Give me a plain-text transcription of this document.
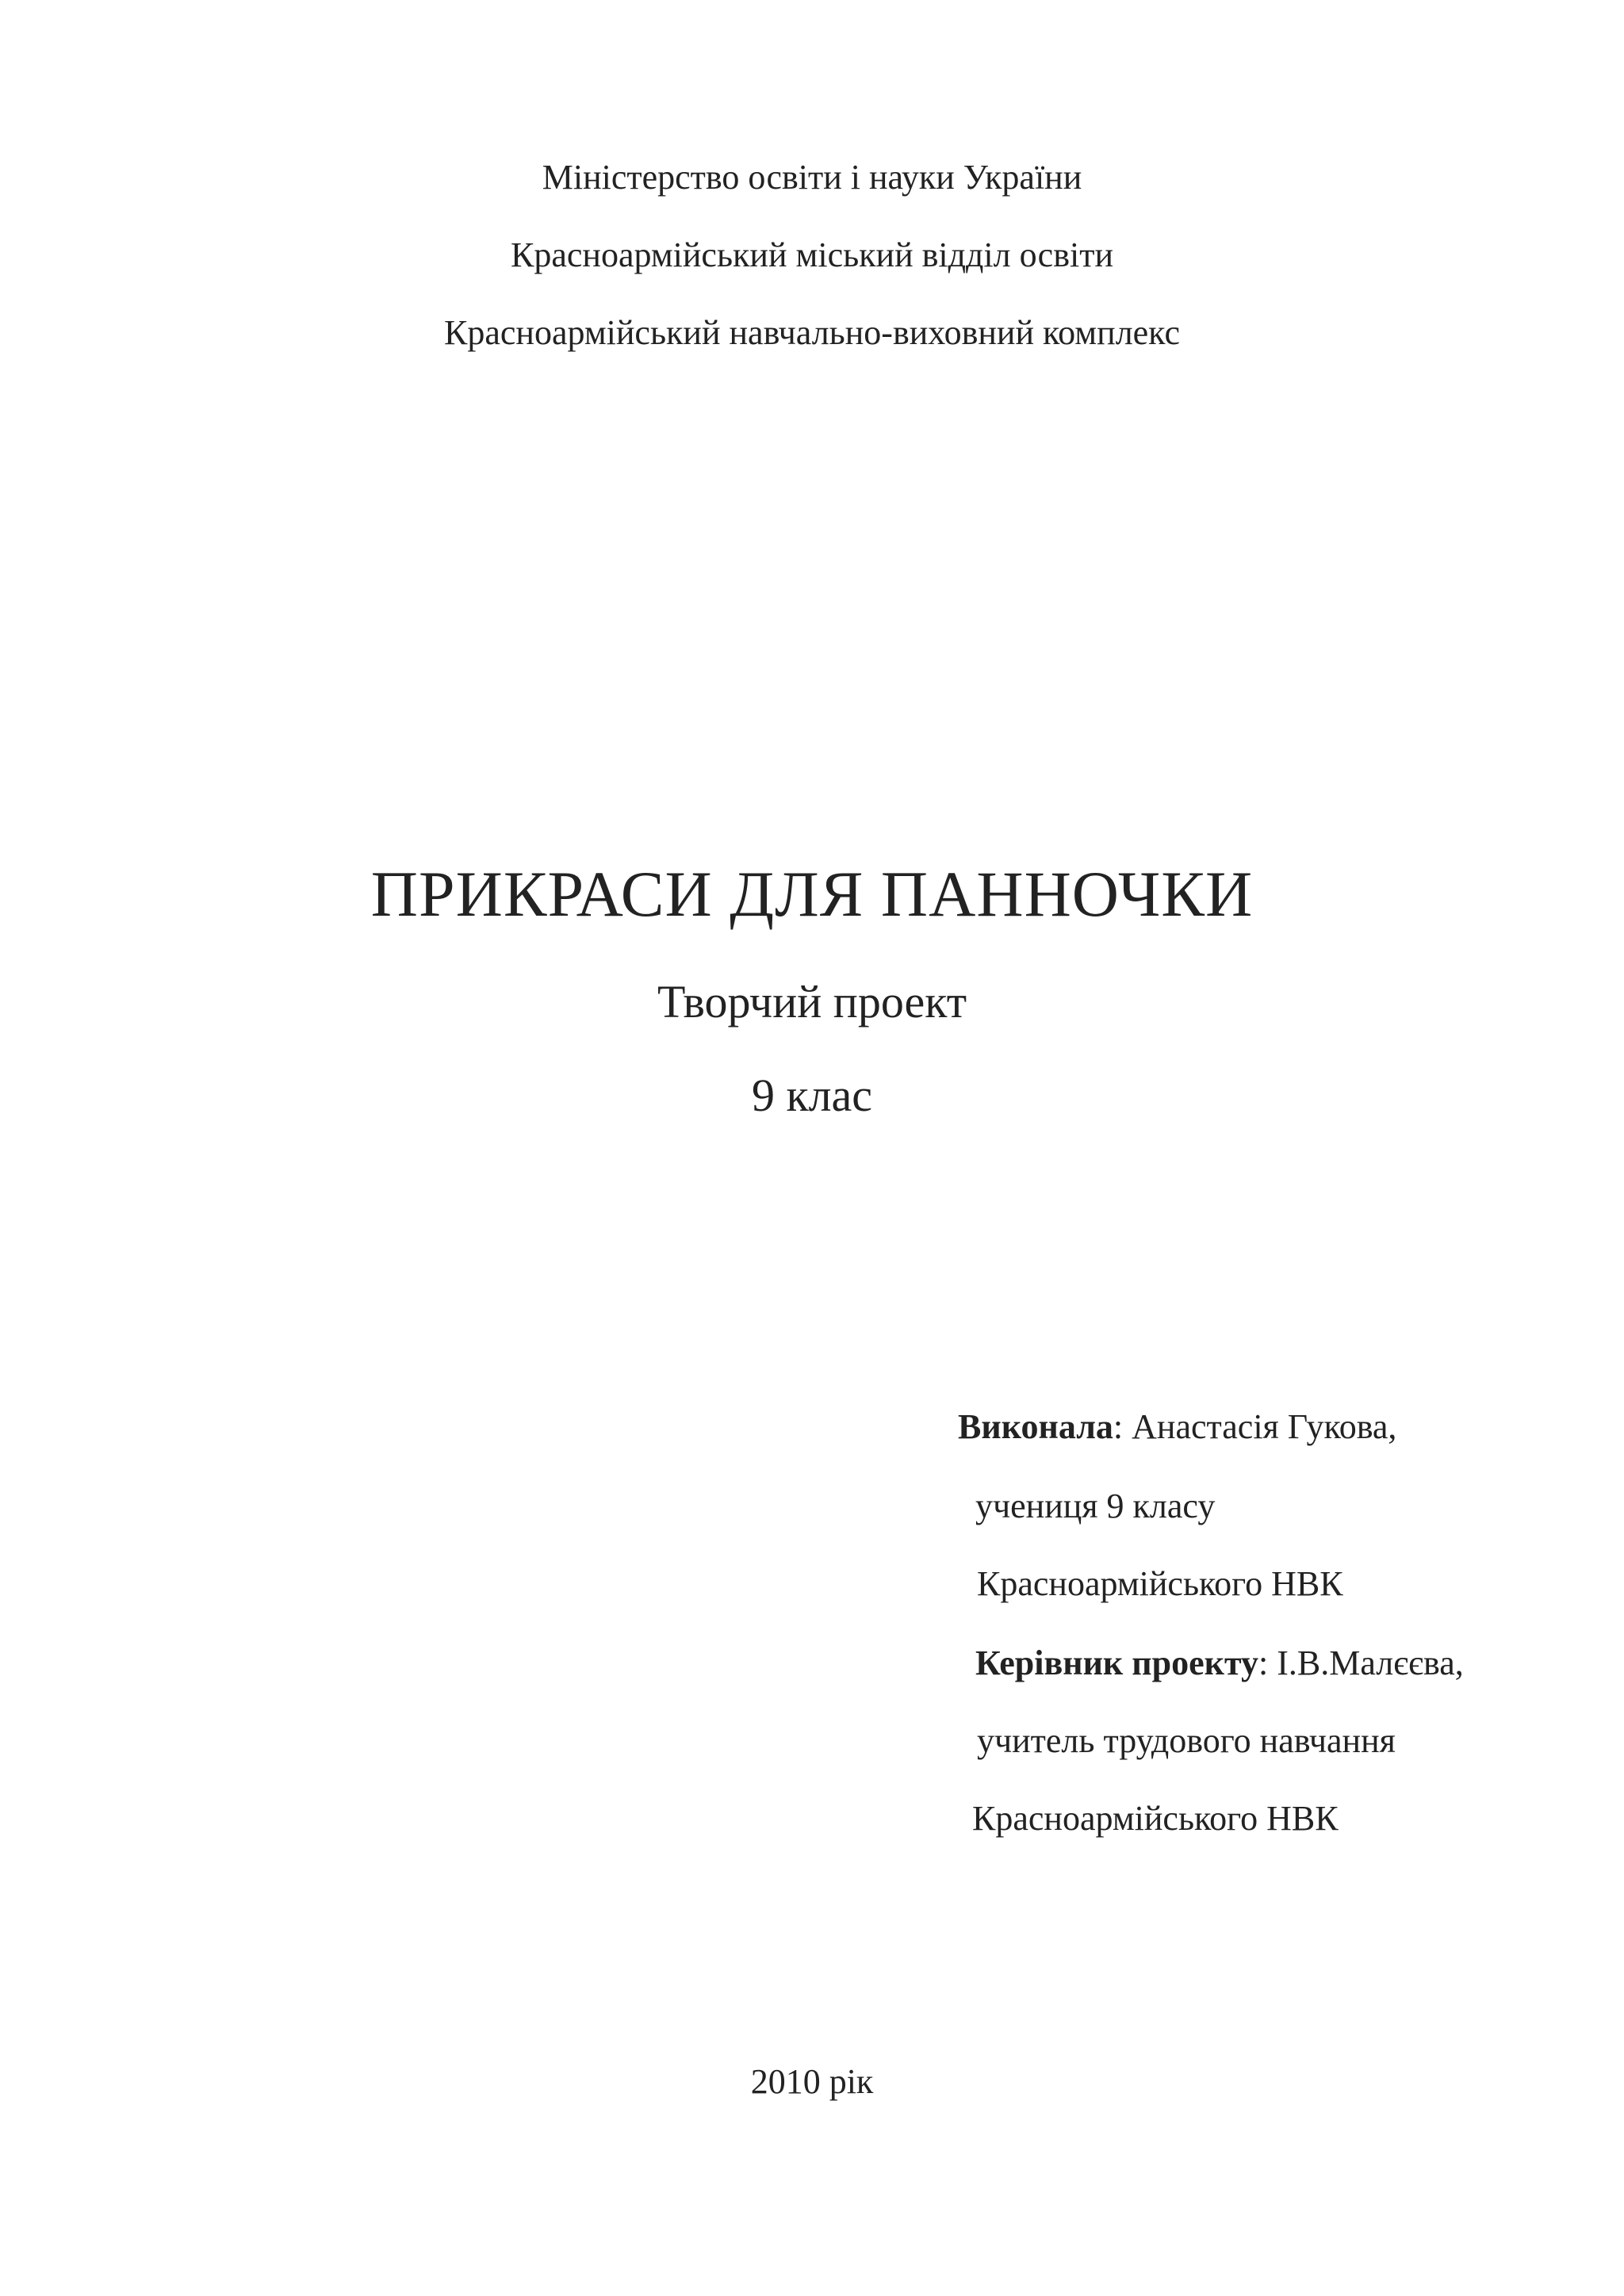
Міністерство освіти і науки України
Красноармійський міський відділ освіти
Красноармійський навчально-виховний комплекс
ПРИКРАСИ ДЛЯ ПАННОЧКИ
Творчий проект
9 клас
Виконала: Анастасія Гукова,
учениця 9 класу
Красноармійського НВК
Керівник проекту: І.В.Малєєва,
учитель трудового навчання
Красноармійського НВК
2010 рік
